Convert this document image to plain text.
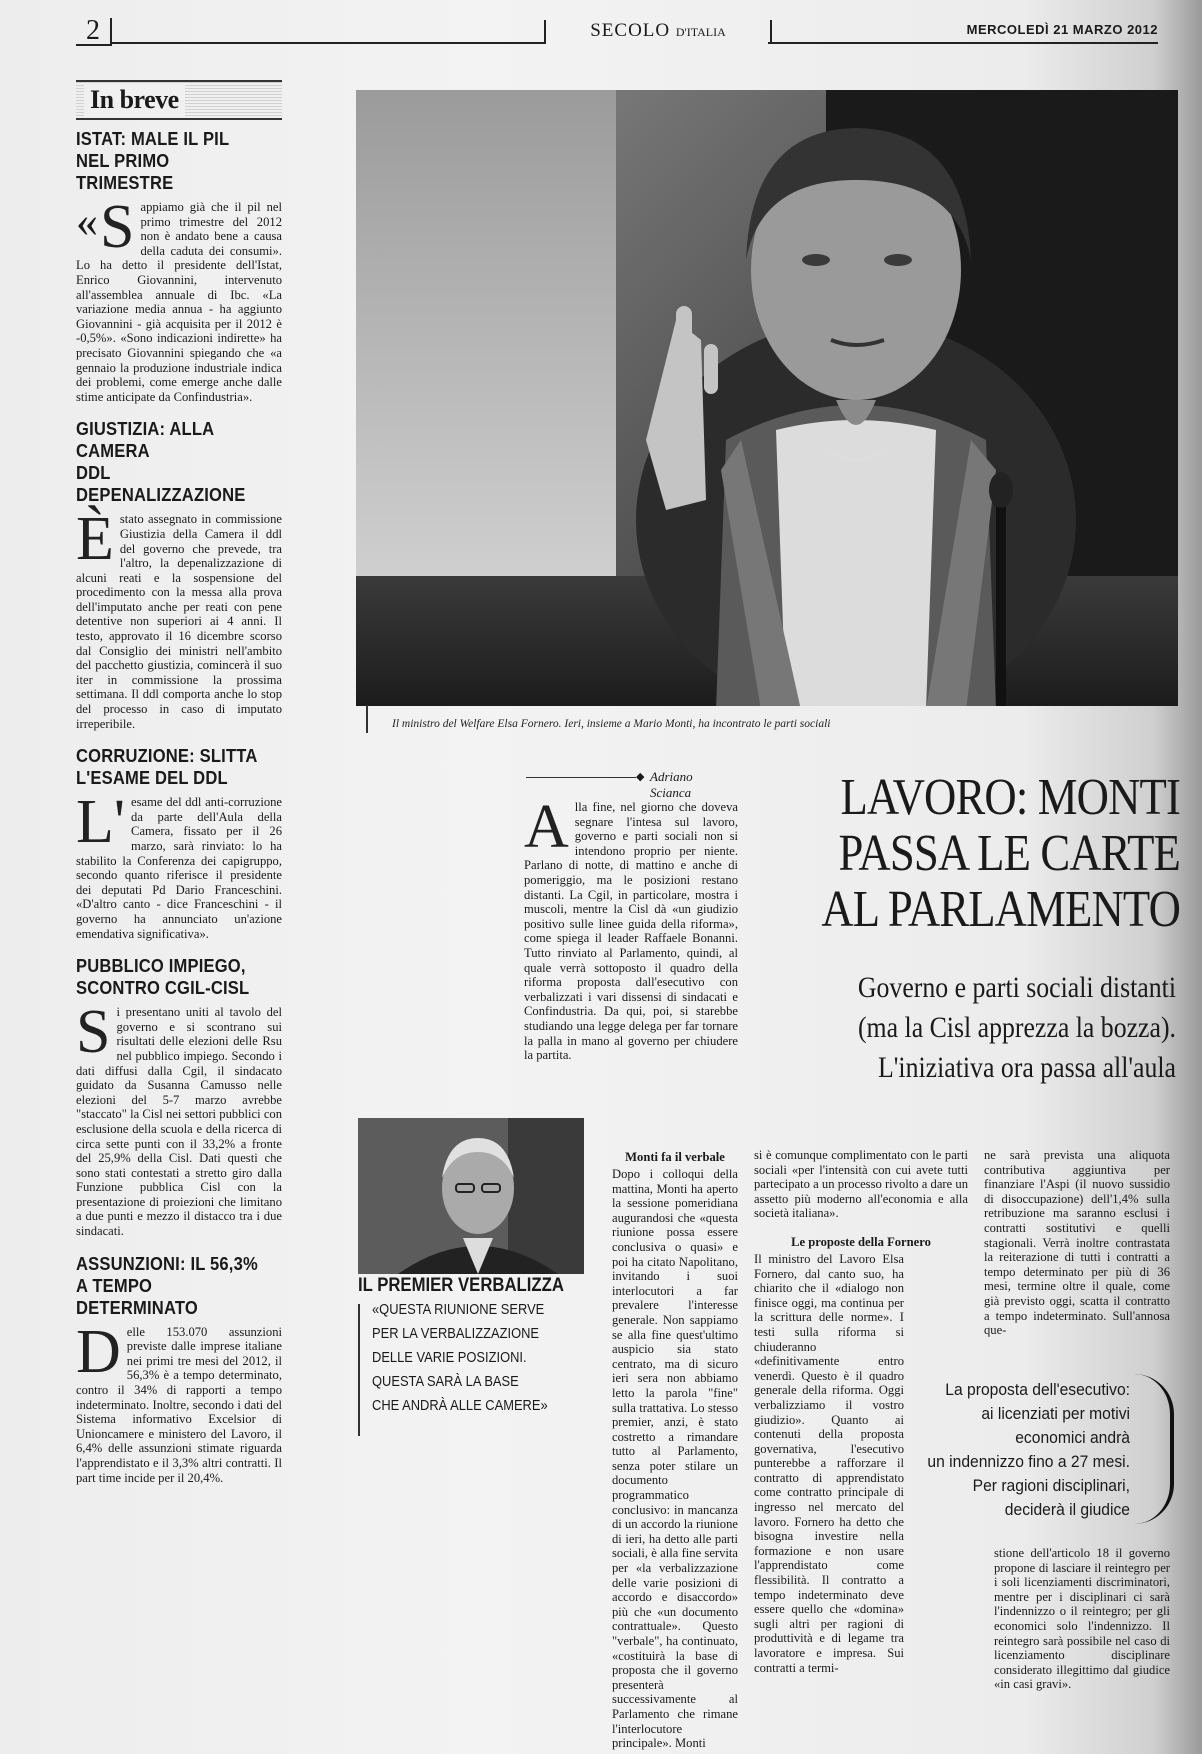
2	SECOLO D'ITALIA	MERCOLEDÌ 21 MARZO 2012
In breve
ISTAT: MALE IL PIL
NEL PRIMO TRIMESTRE

« S appiamo già che il pil nel primo trimestre del 2012 non è andato bene a causa della caduta dei consumi». Lo ha detto il presidente dell'Istat, Enrico Giovannini, intervenuto all'assemblea annuale di Ibc. «La variazione media annua - ha aggiunto Giovannini - già acquisita per il 2012 è -0,5%». «Sono indicazioni indirette» ha precisato Giovannini spiegando che «a gennaio la produzione industriale indica dei problemi, come emerge anche dalle stime anticipate da Confindustria».

GIUSTIZIA: ALLA CAMERA
DDL DEPENALIZZAZIONE

Èstato assegnato in commissione Giustizia della Camera il ddl del governo che prevede, tra l'altro, la depenalizzazione di alcuni reati e la sospensione del procedimento con la messa alla prova dell'imputato anche per reati con pene detentive non superiori ai 4 anni. Il testo, approvato il 16 dicembre scorso dal Consiglio dei ministri nell'ambito del pacchetto giustizia, comincerà il suo iter in commissione la prossima settimana. Il ddl comporta anche lo stop del processo in caso di imputato irreperibile.

CORRUZIONE: SLITTA
L'ESAME DEL DDL

L' esame del ddl anti-corruzione da parte dell'Aula della Camera, fissato per il 26 marzo, sarà rinviato: lo ha stabilito la Conferenza dei capigruppo, secondo quanto riferisce il presidente dei deputati Pd Dario Franceschini. «D'altro canto - dice Franceschini - il governo ha annunciato un'azione emendativa significativa».

PUBBLICO IMPIEGO,
SCONTRO CGIL-CISL

Si presentano uniti al tavolo del governo e si scontrano sui risultati delle elezioni delle Rsu nel pubblico impiego. Secondo i dati diffusi dalla Cgil, il sindacato guidato da Susanna Camusso nelle elezioni del 5-7 marzo avrebbe "staccato" la Cisl nei settori pubblici con esclusione della scuola e della ricerca di circa sette punti con il 33,2% a fronte del 25,9% della Cisl. Dati questi che sono stati contestati a stretto giro dalla Funzione pubblica Cisl con la presentazione di proiezioni che limitano a due punti e mezzo il distacco tra i due sindacati.

ASSUNZIONI: IL 56,3%
A TEMPO DETERMINATO

Delle 153.070 assunzioni previste dalle imprese italiane nei primi tre mesi del 2012, il 56,3% è a tempo determinato, contro il 34% di rapporti a tempo indeterminato. Inoltre, secondo i dati del Sistema informativo Excelsior di Unioncamere e ministero del Lavoro, il 6,4% delle assunzioni stimate riguarda l'apprendistato e il 3,3% altri contratti. Il part time incide per il 20,4%.

Il ministro del Welfare Elsa Fornero. Ieri, insieme a Mario Monti, ha incontrato le parti sociali
◆ Adriano Scianca	LAVORO: MONTI
PASSA LE CARTE
AL PARLAMENTO
Governo e parti sociali distanti
(ma la Cisl apprezza la bozza).
L'iniziativa ora passa all'aula

Alla fine, nel giorno che doveva segnare l'intesa sul lavoro, governo e parti sociali non si intendono proprio per niente. Parlano di notte, di mattino e anche di pomeriggio, ma le posizioni restano distanti. La Cgil, in particolare, mostra i muscoli, mentre la Cisl dà «un giudizio positivo sulle linee guida della riforma», come spiega il leader Raffaele Bonanni. Tutto rinviato al Parlamento, quindi, al quale verrà sottoposto il quadro della riforma proposta dall'esecutivo con verbalizzati i vari dissensi di sindacati e Confindustria. Da qui, poi, si starebbe studiando una legge delega per far tornare la palla in mano al governo per chiudere la partita.

Monti fa il verbale

Dopo i colloqui della mattina, Monti ha aperto la sessione pomeridiana augurandosi che «questa riunione possa essere conclusiva o quasi» e poi ha citato Napolitano, invitando i suoi interlocutori a far prevalere l'interesse generale. Non sappiamo se alla fine quest'ultimo auspicio sia stato centrato, ma di sicuro ieri sera non abbiamo letto la parola "fine" sulla trattativa. Lo stesso premier, anzi, è stato costretto a rimandare tutto al Parlamento, senza poter stilare un documento programmatico conclusivo: in mancanza di un accordo la riunione di ieri, ha detto alle parti sociali, è alla fine servita per «la verbalizzazione delle varie posizioni di accordo e disaccordo» più che «un documento contrattuale». Questo "verbale", ha continuato, «costituirà la base di proposta che il governo presenterà successivamente al Parlamento che rimane l'interlocutore principale». Monti

si è comunque complimentato con le parti sociali «per l'intensità con cui avete tutti partecipato a un processo rivolto a dare un assetto più moderno all'economia e alla società italiana».

Le proposte della Fornero

Il ministro del Lavoro Elsa Fornero, dal canto suo, ha chiarito che il «dialogo non finisce oggi, ma continua per la scrittura delle norme». I testi sulla riforma si chiuderanno «definitivamente entro venerdì. Questo è il quadro generale della riforma. Oggi verbalizziamo il vostro giudizio». Quanto ai contenuti della proposta governativa, l'esecutivo punterebbe a rafforzare il contratto di apprendistato come contratto principale di ingresso nel mercato del lavoro. Fornero ha detto che bisogna investire nella formazione e non usare l'apprendistato come flessibilità. Il contratto a tempo indeterminato deve essere quello che «domina» sugli altri per ragioni di produttività e di legame tra lavoratore e impresa. Sui contratti a termi-

ne sarà prevista una aliquota contributiva aggiuntiva per finanziare l'Aspi (il nuovo sussidio di disoccupazione) dell'1,4% sulla retribuzione ma saranno esclusi i contratti sostitutivi e quelli stagionali. Verrà inoltre contrastata la reiterazione di tutti i contratti a tempo determinato per più di 36 mesi, termine oltre il quale, come già previsto oggi, scatta il contratto a tempo indeterminato. Sull'annosa que-

stione dell'articolo 18 il governo propone di lasciare il reintegro per i soli licenziamenti discriminatori, mentre per i disciplinari ci sarà l'indennizzo o il reintegro; per gli economici solo l'indennizzo. Il reintegro sarà possibile nel caso di licenziamento disciplinare considerato illegittimo dal giudice «in casi gravi».

IL PREMIER VERBALIZZA
«QUESTA RIUNIONE SERVE
PER LA VERBALIZZAZIONE
DELLE VARIE POSIZIONI.
QUESTA SARÀ LA BASE
CHE ANDRÀ ALLE CAMERE»
La proposta dell'esecutivo:
ai licenziati per motivi
economici andrà
un indennizzo fino a 27 mesi.
Per ragioni disciplinari,
deciderà il giudice
